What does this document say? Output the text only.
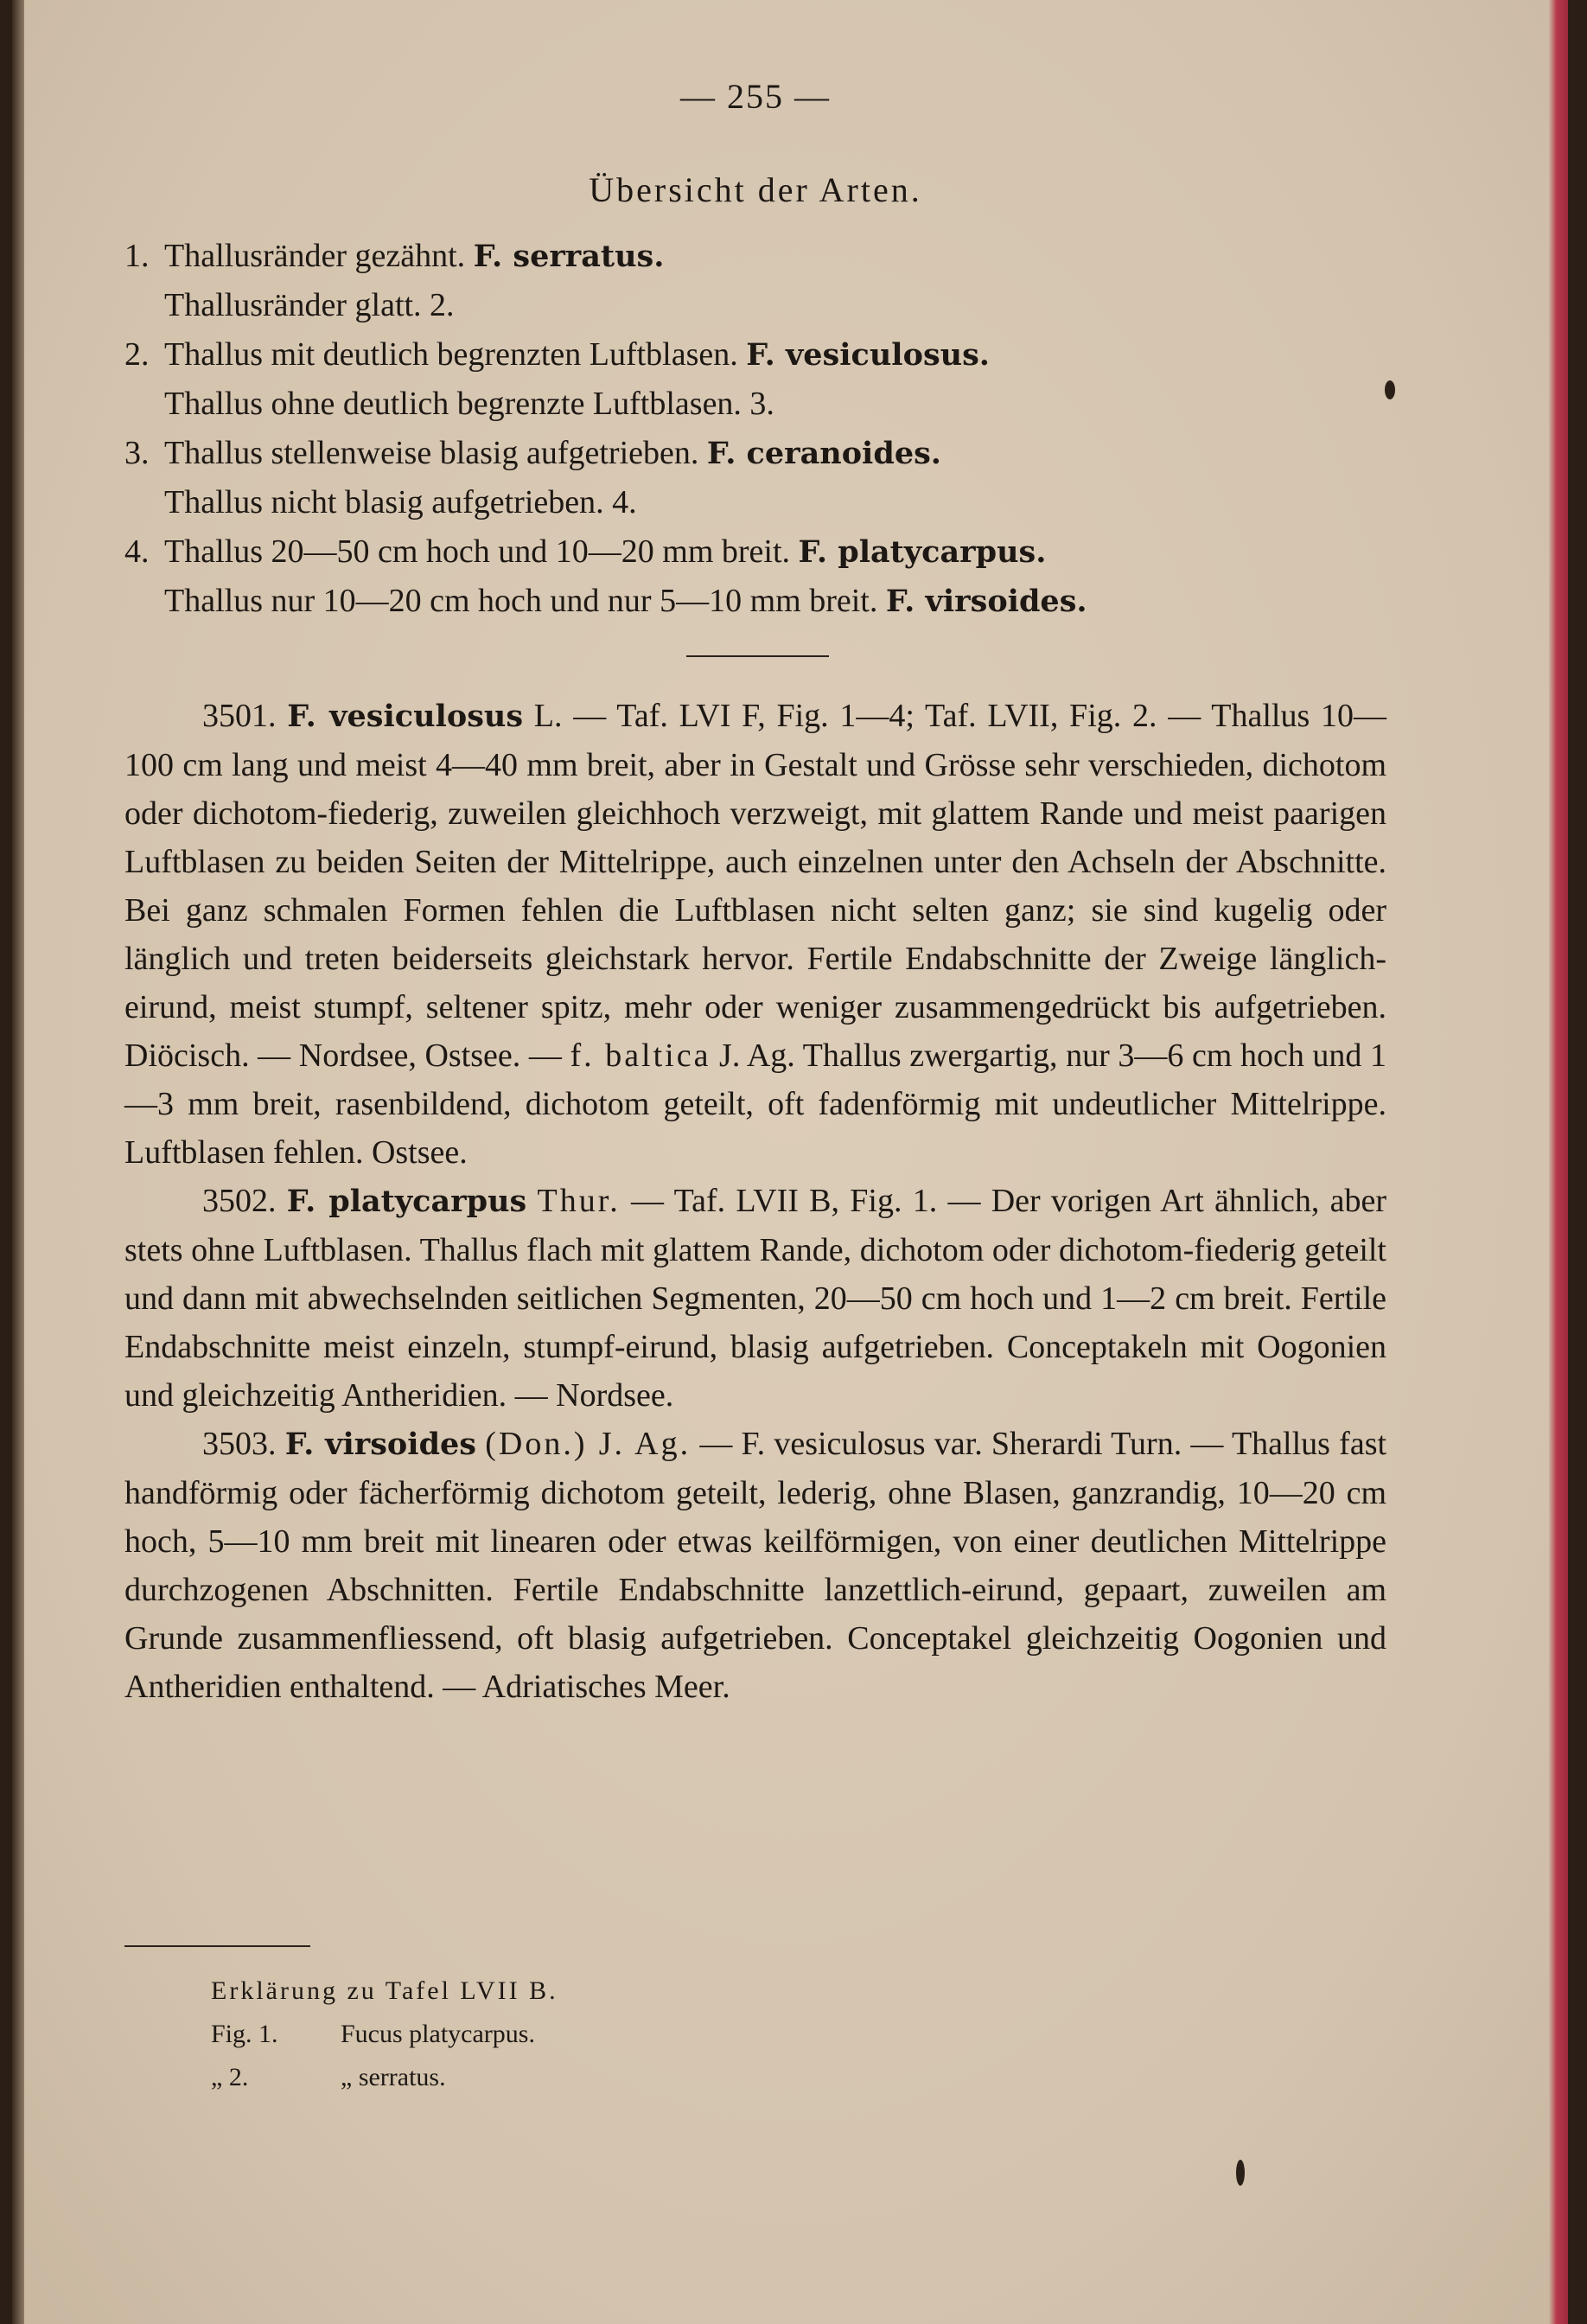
— 255 —
Übersicht der Arten.
1. Thallusränder gezähnt. F. serratus.
Thallusränder glatt. 2.
2. Thallus mit deutlich begrenzten Luftblasen. F. vesiculosus.
Thallus ohne deutlich begrenzte Luftblasen. 3.
3. Thallus stellenweise blasig aufgetrieben. F. ceranoides.
Thallus nicht blasig aufgetrieben. 4.
4. Thallus 20—50 cm hoch und 10—20 mm breit. F. platycarpus.
Thallus nur 10—20 cm hoch und nur 5—10 mm breit. F. virsoides.

3501. F. vesiculosus L. — Taf. LVI F, Fig. 1—4; Taf. LVII, Fig. 2. — Thallus 10—100 cm lang und meist 4—40 mm breit, aber in Gestalt und Grösse sehr verschieden, dichotom oder dichotom-fiederig, zuweilen gleichhoch verzweigt, mit glattem Rande und meist paarigen Luftblasen zu beiden Seiten der Mittelrippe, auch einzelnen unter den Achseln der Abschnitte. Bei ganz schmalen Formen fehlen die Luftblasen nicht selten ganz; sie sind kugelig oder länglich und treten beiderseits gleichstark hervor. Fertile Endabschnitte der Zweige länglich-eirund, meist stumpf, seltener spitz, mehr oder weniger zusammengedrückt bis aufgetrieben. Diöcisch. — Nordsee, Ostsee. — f. baltica J. Ag. Thallus zwergartig, nur 3—6 cm hoch und 1—3 mm breit, rasenbildend, dichotom geteilt, oft fadenförmig mit undeutlicher Mittelrippe. Luftblasen fehlen. Ostsee.

3502. F. platycarpus Thur. — Taf. LVII B, Fig. 1. — Der vorigen Art ähnlich, aber stets ohne Luftblasen. Thallus flach mit glattem Rande, dichotom oder dichotom-fiederig geteilt und dann mit abwechselnden seitlichen Segmenten, 20—50 cm hoch und 1—2 cm breit. Fertile Endabschnitte meist einzeln, stumpf-eirund, blasig aufgetrieben. Conceptakeln mit Oogonien und gleichzeitig Antheridien. — Nordsee.

3503. F. virsoides (Don.) J. Ag. — F. vesiculosus var. Sherardi Turn. — Thallus fast handförmig oder fächerförmig dichotom geteilt, lederig, ohne Blasen, ganzrandig, 10—20 cm hoch, 5—10 mm breit mit linearen oder etwas keilförmigen, von einer deutlichen Mittelrippe durchzogenen Abschnitten. Fertile Endabschnitte lanzettlich-eirund, gepaart, zuweilen am Grunde zusammenfliessend, oft blasig aufgetrieben. Conceptakel gleichzeitig Oogonien und Antheridien enthaltend. — Adriatisches Meer.

Erklärung zu Tafel LVII B.
Fig. 1. Fucus platycarpus.
„ 2.	„ serratus.
